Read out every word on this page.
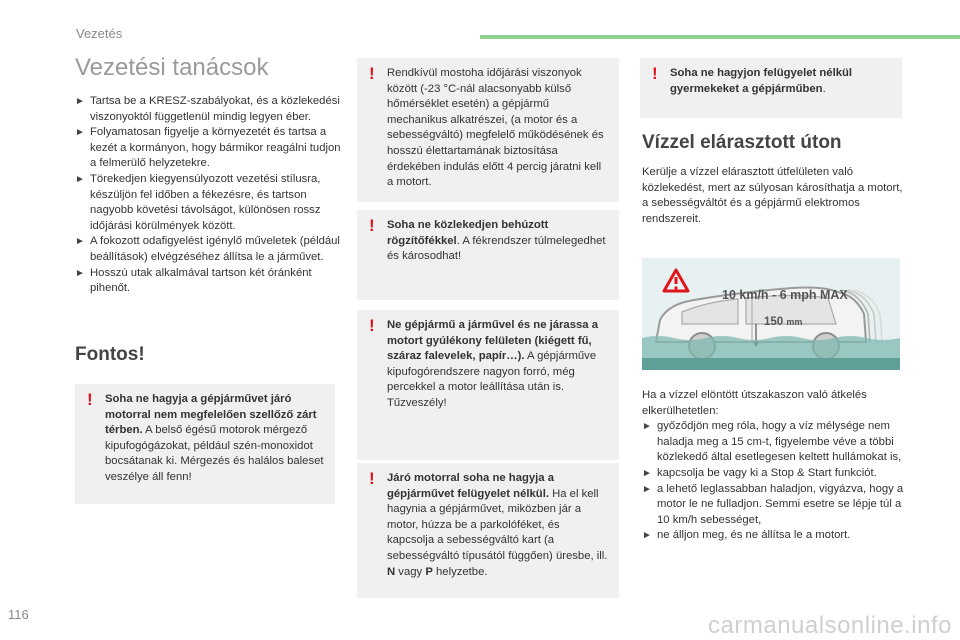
Vezetés
Vezetési tanácsok
► Tartsa be a KRESZ-szabályokat, és a közlekedési viszonyoktól függetlenül mindig legyen éber.
► Folyamatosan figyelje a környezetét és tartsa a kezét a kormányon, hogy bármikor reagálni tudjon a felmerülő helyzetekre.
► Törekedjen kiegyensúlyozott vezetési stílusra, készüljön fel időben a fékezésre, és tartson nagyobb követési távolságot, különösen rossz időjárási körülmények között.
► A fokozott odafigyelést igénylő műveletek (például beállítások) elvégzéséhez állítsa le a járművet.
► Hosszú utak alkalmával tartson két óránként pihenőt.
Fontos!
! Soha ne hagyja a gépjárművet járó motorral nem megfelelően szellőző zárt térben. A belső égésű motorok mérgező kipufogógázokat, például szén-monoxidot bocsátanak ki. Mérgezés és halálos baleset veszélye áll fenn!
! Rendkívül mostoha időjárási viszonyok között (-23 °C-nál alacsonyabb külső hőmérséklet esetén) a gépjármű mechanikus alkatrészei, (a motor és a sebességváltó) megfelelő működésének és hosszú élettartamának biztosítása érdekében indulás előtt 4 percig járatni kell a motort.
! Soha ne közlekedjen behúzott rögzítőfékkel. A fékrendszer túlmelegedhet és károsodhat!
! Ne gépjármű a járművel és ne járassa a motort gyúlékony felületen (kiégett fű, száraz falevelek, papír…). A gépjárműve kipufogórendszere nagyon forró, még percekkel a motor leállítása után is. Tűzveszély!
! Járó motorral soha ne hagyja a gépjárművet felügyelet nélkül. Ha el kell hagynia a gépjárművet, miközben jár a motor, húzza be a parkolóféket, és kapcsolja a sebességváltó kart (a sebességváltó típusától függően) üresbe, ill. N vagy P helyzetbe.
! Soha ne hagyjon felügyelet nélkül gyermekeket a gépjárműben.
Vízzel elárasztott úton
Kerülje a vízzel elárasztott útfelületen való közlekedést, mert az súlyosan károsíthatja a motort, a sebességváltót és a gépjármű elektromos rendszereit.
10 km/h - 6 mph MAX
150 mm
Ha a vízzel elöntött útszakaszon való átkelés elkerülhetetlen:
► győződjön meg róla, hogy a víz mélysége nem haladja meg a 15 cm-t, figyelembe véve a többi közlekedő által esetlegesen keltett hullámokat is,
► kapcsolja be vagy ki a Stop & Start funkciót.
► a lehető leglassabban haladjon, vigyázva, hogy a motor le ne fulladjon. Semmi esetre se lépje túl a 10 km/h sebességet,
► ne álljon meg, és ne állítsa le a motort.
116	carmanualsonline.info
